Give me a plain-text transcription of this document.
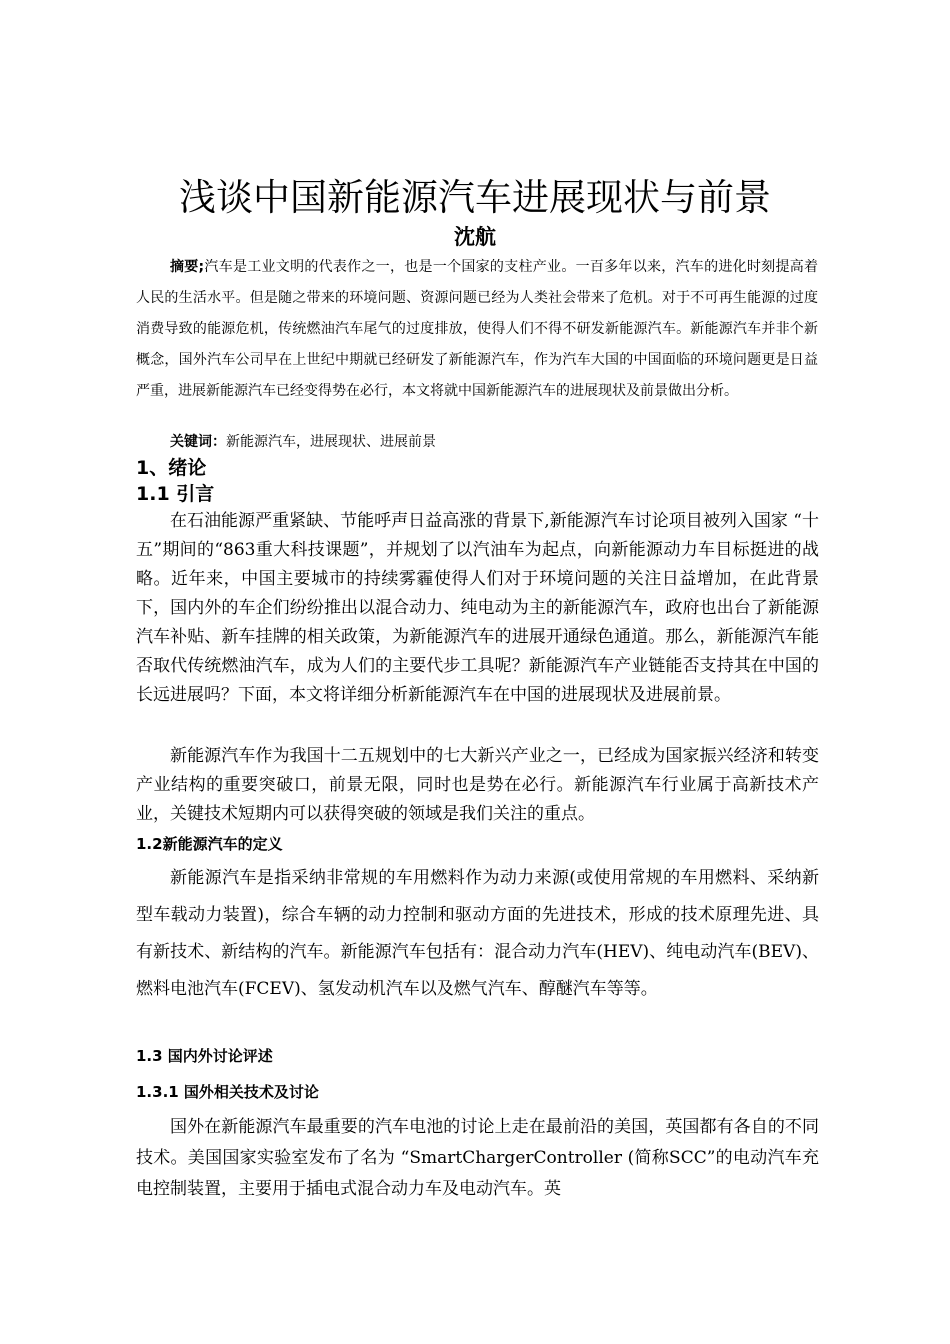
浅谈中国新能源汽车进展现状与前景
沈航

摘要;汽车是工业文明的代表作之一，也是一个国家的支柱产业。一百多年以来，汽车的进化时刻提高着人民的生活水平。但是随之带来的环境问题、资源问题已经为人类社会带来了危机。对于不可再生能源的过度消费导致的能源危机，传统燃油汽车尾气的过度排放，使得人们不得不研发新能源汽车。新能源汽车并非个新概念，国外汽车公司早在上世纪中期就已经研发了新能源汽车，作为汽车大国的中国面临的环境问题更是日益严重，进展新能源汽车已经变得势在必行，本文将就中国新能源汽车的进展现状及前景做出分析。

关键词：新能源汽车，进展现状、进展前景

1、绪论
1.1 引言

在石油能源严重紧缺、节能呼声日益高涨的背景下,新能源汽车讨论项目被列入国家 “十五”期间的“863重大科技课题”，并规划了以汽油车为起点，向新能源动力车目标挺进的战略。近年来，中国主要城市的持续雾霾使得人们对于环境问题的关注日益增加，在此背景下，国内外的车企们纷纷推出以混合动力、纯电动为主的新能源汽车，政府也出台了新能源汽车补贴、新车挂牌的相关政策，为新能源汽车的进展开通绿色通道。那么，新能源汽车能否取代传统燃油汽车，成为人们的主要代步工具呢？新能源汽车产业链能否支持其在中国的长远进展吗？下面，本文将详细分析新能源汽车在中国的进展现状及进展前景。

新能源汽车作为我国十二五规划中的七大新兴产业之一，已经成为国家振兴经济和转变产业结构的重要突破口，前景无限，同时也是势在必行。新能源汽车行业属于高新技术产业，关键技术短期内可以获得突破的领域是我们关注的重点。

1.2新能源汽车的定义

新能源汽车是指采纳非常规的车用燃料作为动力来源(或使用常规的车用燃料、采纳新型车载动力装置)，综合车辆的动力控制和驱动方面的先进技术，形成的技术原理先进、具有新技术、新结构的汽车。新能源汽车包括有：混合动力汽车(HEV)、纯电动汽车(BEV)、燃料电池汽车(FCEV)、氢发动机汽车以及燃气汽车、醇醚汽车等等。

1.3 国内外讨论评述
1.3.1 国外相关技术及讨论

国外在新能源汽车最重要的汽车电池的讨论上走在最前沿的美国，英国都有各自的不同技术。美国国家实验室发布了名为 “SmartChargerController (简称SCC”的电动汽车充电控制装置，主要用于插电式混合动力车及电动汽车。英
